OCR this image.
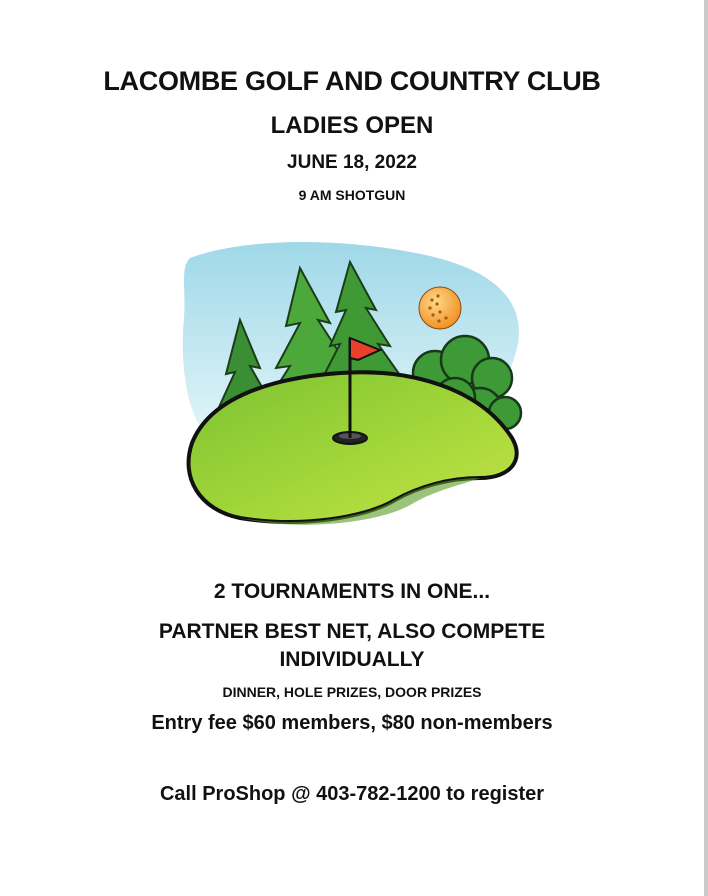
LACOMBE GOLF AND COUNTRY CLUB
LADIES OPEN
JUNE 18, 2022
9 AM SHOTGUN
2 TOURNAMENTS IN ONE...
PARTNER BEST NET, ALSO COMPETE INDIVIDUALLY
DINNER, HOLE PRIZES, DOOR PRIZES
Entry fee $60 members, $80 non-members
Call ProShop @ 403-782-1200 to register
